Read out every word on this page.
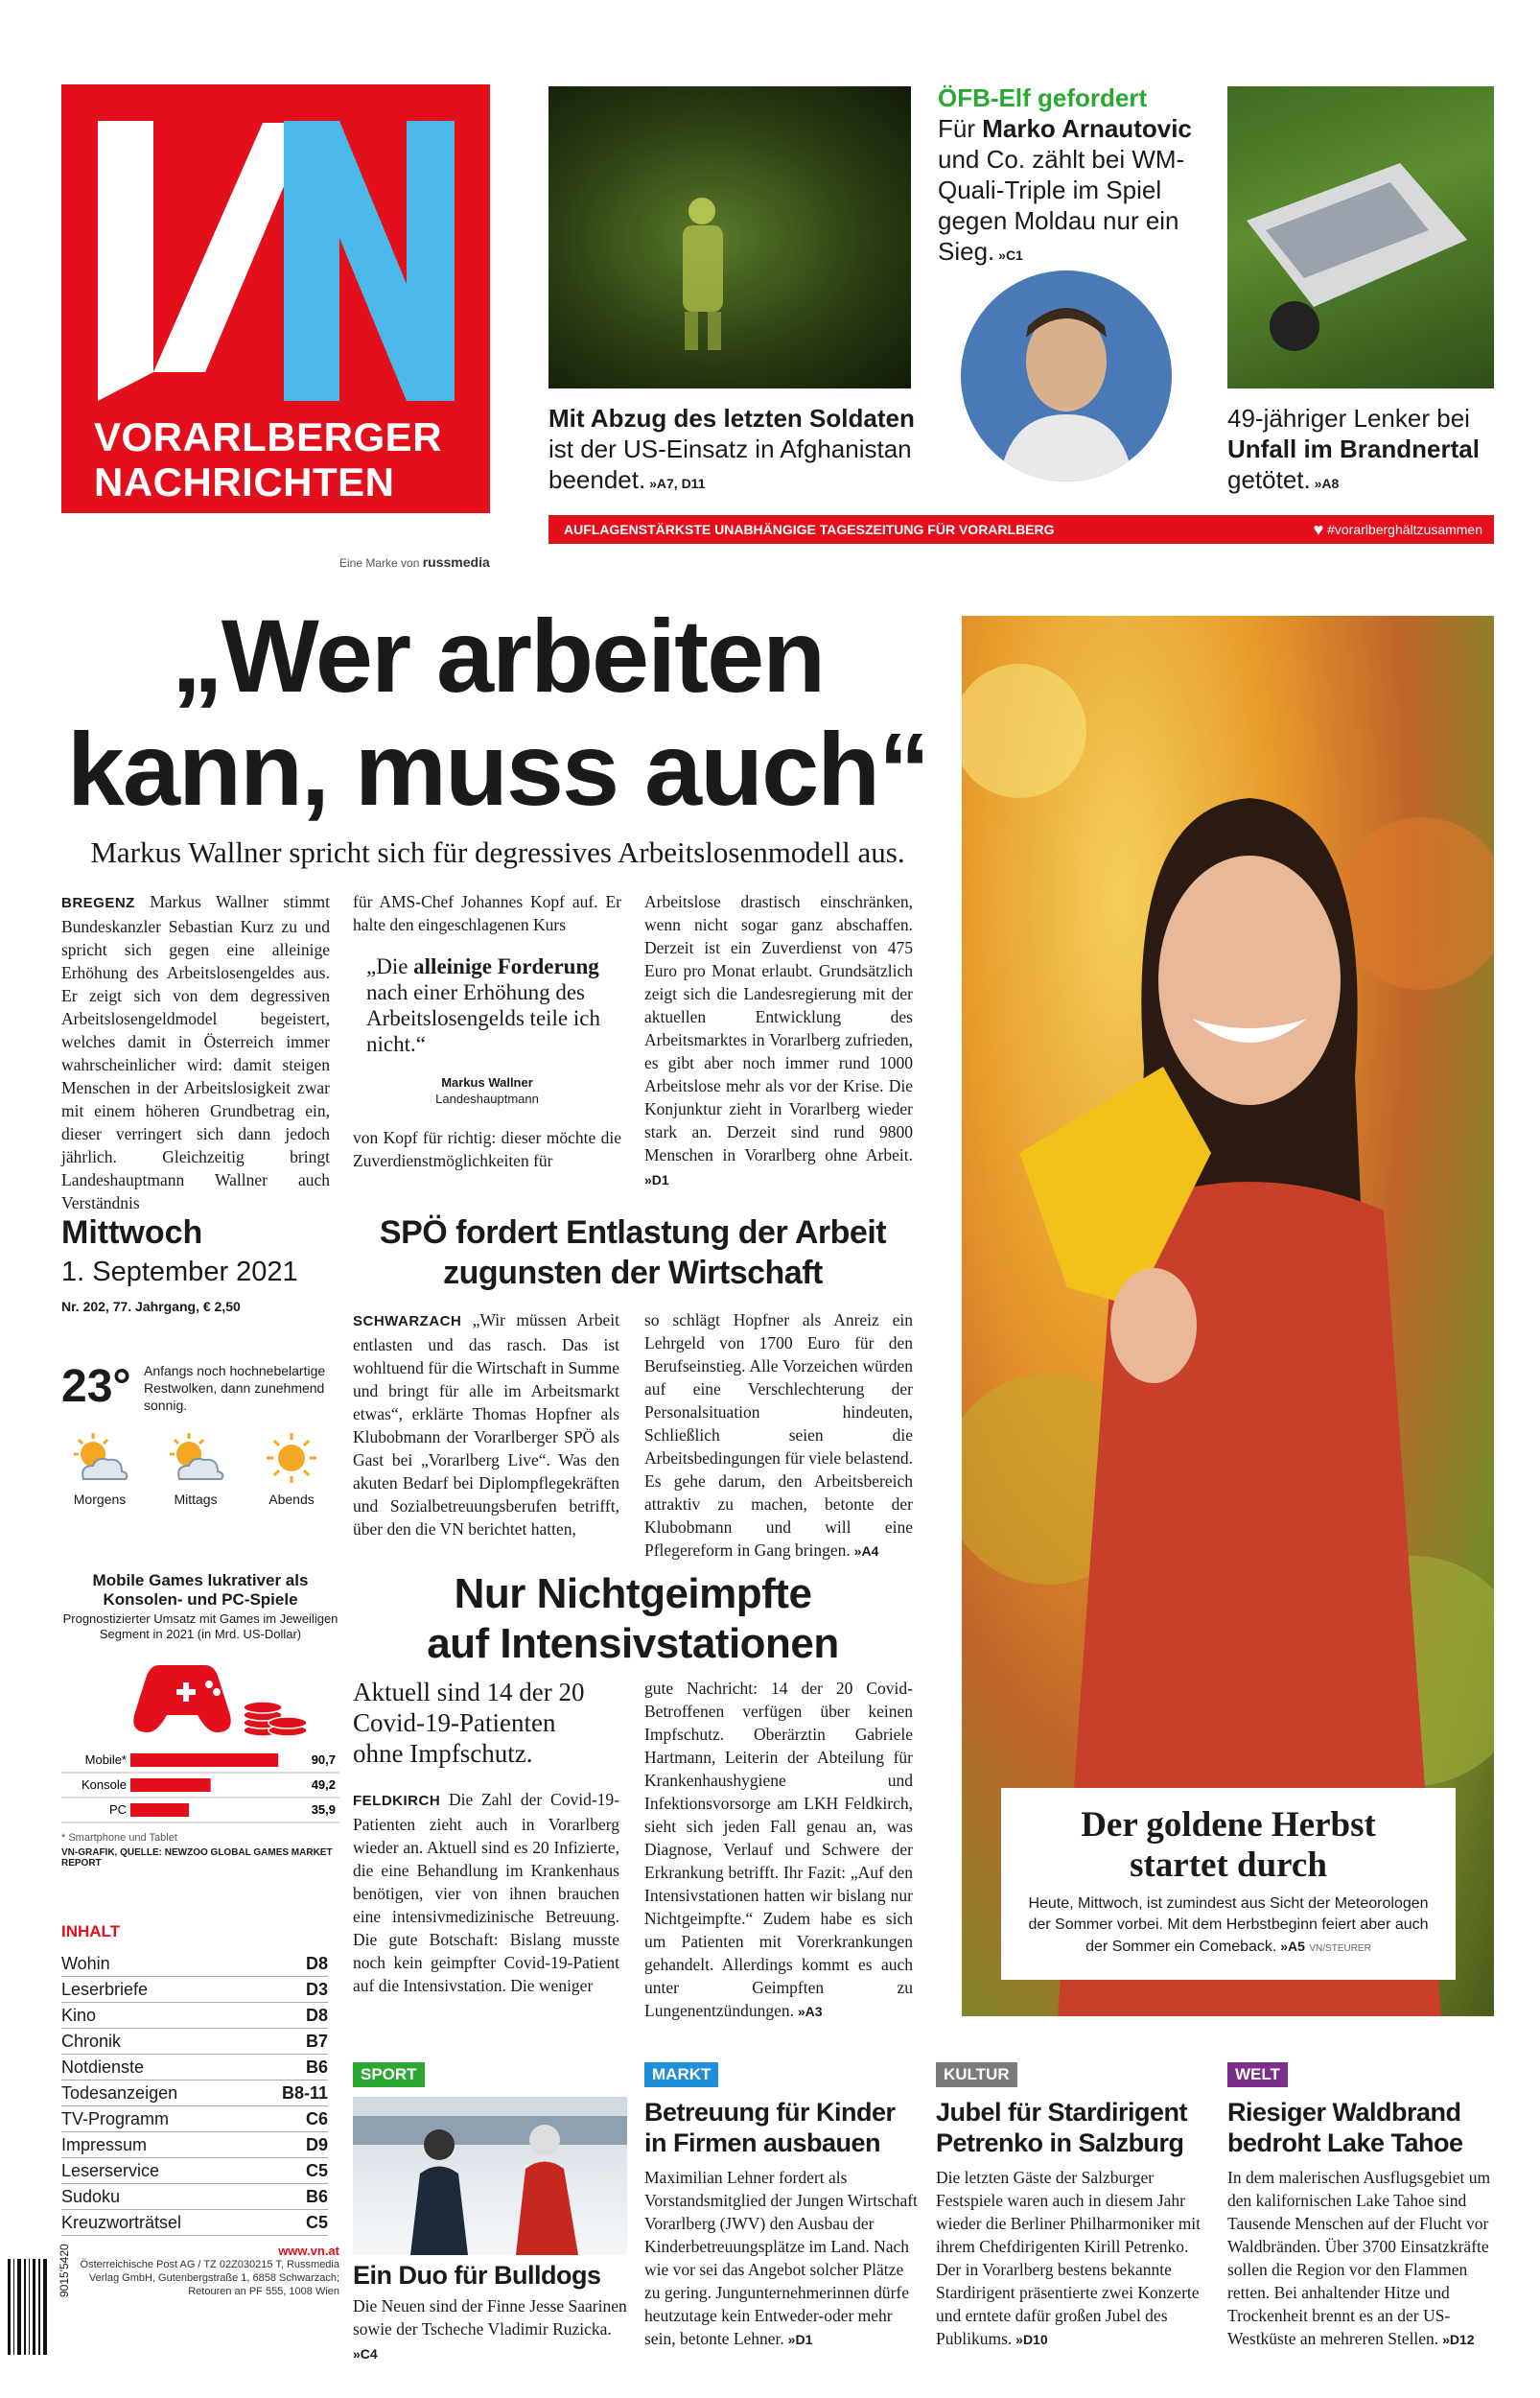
VORARLBERGER
NACHRICHTEN
Eine Marke von russmedia
Mit Abzug des letzten Soldaten ist der US-Einsatz in Afghanistan beendet. »A7, D11
ÖFB-Elf gefordert
Für Marko Arnautovic und Co. zählt bei WM-Quali-Triple im Spiel gegen Moldau nur ein Sieg. »C1
49-jähriger Lenker bei Unfall im Brandnertal getötet. »A8
AUFLAGENSTÄRKSTE UNABHÄNGIGE TAGESZEITUNG FÜR VORARLBERG	♥ #vorarlberghältzusammen
„Wer arbeiten
kann, muss auch“
Markus Wallner spricht sich für degressives Arbeitslosenmodell aus.
BREGENZ Markus Wallner stimmt Bundeskanzler Sebastian Kurz zu und spricht sich gegen eine alleinige Erhöhung des Arbeitslosengeldes aus. Er zeigt sich von dem degressiven Arbeitslosengeldmodel begeistert, welches damit in Österreich immer wahrscheinlicher wird: damit steigen Menschen in der Arbeitslosigkeit zwar mit einem höheren Grundbetrag ein, dieser verringert sich dann jedoch jährlich. Gleichzeitig bringt Landeshauptmann Wallner auch Verständnis
für AMS-Chef Johannes Kopf auf. Er halte den eingeschlagenen Kurs
„Die alleinige Forderung nach einer Erhöhung des Arbeitslosengelds teile ich nicht.“
Markus Wallner
Landeshauptmann
von Kopf für richtig: dieser möchte die Zuverdienstmöglichkeiten für
Arbeitslose drastisch einschränken, wenn nicht sogar ganz abschaffen. Derzeit ist ein Zuverdienst von 475 Euro pro Monat erlaubt. Grundsätzlich zeigt sich die Landesregierung mit der aktuellen Entwicklung des Arbeitsmarktes in Vorarlberg zufrieden, es gibt aber noch immer rund 1000 Arbeitslose mehr als vor der Krise. Die Konjunktur zieht in Vorarlberg wieder stark an. Derzeit sind rund 9800 Menschen in Vorarlberg ohne Arbeit. »D1
Der goldene Herbst
startet durch
Heute, Mittwoch, ist zumindest aus Sicht der Meteorologen der Sommer vorbei. Mit dem Herbstbeginn feiert aber auch der Sommer ein Comeback. »A5 VN/STEURER
Mittwoch
1. September 2021
Nr. 202, 77. Jahrgang, € 2,50
23° Anfangs noch hochnebelartige Restwolken, dann zunehmend sonnig.
Morgens	Mittags	Abends
Mobile Games lukrativer als
Konsolen- und PC-Spiele
Prognostizierter Umsatz mit Games im Jeweiligen Segment in 2021 (in Mrd. US-Dollar)
Mobile*	90,7
Konsole	49,2
PC	35,9
* Smartphone und Tablet
VN-GRAFIK, QUELLE: NEWZOO GLOBAL GAMES MARKET REPORT
INHALT
Wohin	D8
Leserbriefe	D3
Kino	D8
Chronik	B7
Notdienste	B6
Todesanzeigen	B8-11
TV-Programm	C6
Impressum	D9
Leserservice	C5
Sudoku	B6
Kreuzworträtsel	C5
9015'5420	www.vn.at
Österreichische Post AG / TZ 02Z030215 T, Russmedia Verlag GmbH, Gutenbergstraße 1, 6858 Schwarzach; Retouren an PF 555, 1008 Wien
SPÖ fordert Entlastung der Arbeit
zugunsten der Wirtschaft
SCHWARZACH „Wir müssen Arbeit entlasten und das rasch. Das ist wohltuend für die Wirtschaft in Summe und bringt für alle im Arbeitsmarkt etwas“, erklärte Thomas Hopfner als Klubobmann der Vorarlberger SPÖ als Gast bei „Vorarlberg Live“. Was den akuten Bedarf bei Diplompflegekräften und Sozialbetreuungsberufen betrifft, über den die VN berichtet hatten,
so schlägt Hopfner als Anreiz ein Lehrgeld von 1700 Euro für den Berufseinstieg. Alle Vorzeichen würden auf eine Verschlechterung der Personalsituation hindeuten, Schließlich seien die Arbeitsbedingungen für viele belastend. Es gehe darum, den Arbeitsbereich attraktiv zu machen, betonte der Klubobmann und will eine Pflegereform in Gang bringen. »A4
Nur Nichtgeimpfte
auf Intensivstationen
Aktuell sind 14 der 20 Covid-19-Patienten ohne Impfschutz.
FELDKIRCH Die Zahl der Covid-19-Patienten zieht auch in Vorarlberg wieder an. Aktuell sind es 20 Infizierte, die eine Behandlung im Krankenhaus benötigen, vier von ihnen brauchen eine intensivmedizinische Betreuung. Die gute Botschaft: Bislang musste noch kein geimpfter Covid-19-Patient auf die Intensivstation. Die weniger
gute Nachricht: 14 der 20 Covid-Betroffenen verfügen über keinen Impfschutz. Oberärztin Gabriele Hartmann, Leiterin der Abteilung für Krankenhaushygiene und Infektionsvorsorge am LKH Feldkirch, sieht sich jeden Fall genau an, was Diagnose, Verlauf und Schwere der Erkrankung betrifft. Ihr Fazit: „Auf den Intensivstationen hatten wir bislang nur Nichtgeimpfte.“ Zudem habe es sich um Patienten mit Vorerkrankungen gehandelt. Allerdings kommt es auch unter Geimpften zu Lungenentzündungen. »A3
SPORT
Ein Duo für Bulldogs
Die Neuen sind der Finne Jesse Saarinen sowie der Tscheche Vladimir Ruzicka. »C4
MARKT
Betreuung für Kinder
in Firmen ausbauen
Maximilian Lehner fordert als Vorstandsmitglied der Jungen Wirtschaft Vorarlberg (JWV) den Ausbau der Kinderbetreuungsplätze im Land. Nach wie vor sei das Angebot solcher Plätze zu gering. Jungunternehmerinnen dürfe heutzutage kein Entweder-oder mehr sein, betonte Lehner. »D1
KULTUR
Jubel für Stardirigent
Petrenko in Salzburg
Die letzten Gäste der Salzburger Festspiele waren auch in diesem Jahr wieder die Berliner Philharmoniker mit ihrem Chefdirigenten Kirill Petrenko. Der in Vorarlberg bestens bekannte Stardirigent präsentierte zwei Konzerte und erntete dafür großen Jubel des Publikums. »D10
WELT
Riesiger Waldbrand
bedroht Lake Tahoe
In dem malerischen Ausflugsgebiet um den kalifornischen Lake Tahoe sind Tausende Menschen auf der Flucht vor Waldbränden. Über 3700 Einsatzkräfte sollen die Region vor den Flammen retten. Bei anhaltender Hitze und Trockenheit brennt es an der US-Westküste an mehreren Stellen. »D12
